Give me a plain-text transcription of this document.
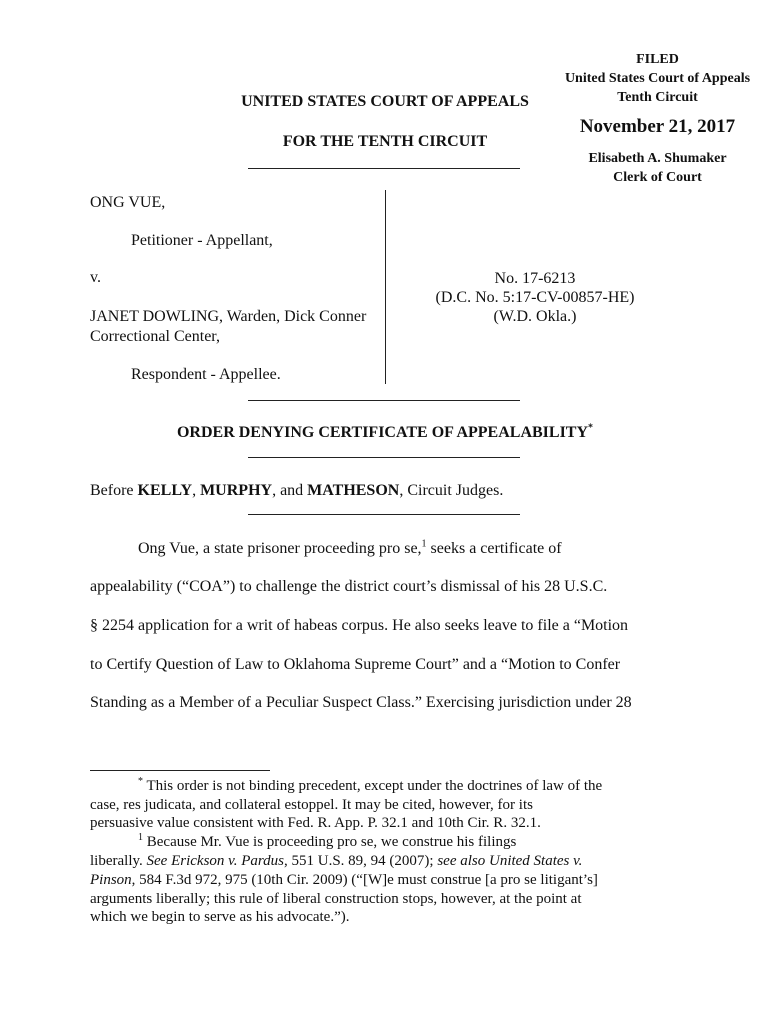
FILED
United States Court of Appeals
Tenth Circuit
November 21, 2017
Elisabeth A. Shumaker
Clerk of Court
UNITED STATES COURT OF APPEALS
FOR THE TENTH CIRCUIT
ONG VUE,
Petitioner - Appellant,
v.
JANET DOWLING, Warden, Dick Conner
Correctional Center,
Respondent - Appellee.
No. 17-6213
(D.C. No. 5:17-CV-00857-HE)
(W.D. Okla.)
ORDER DENYING CERTIFICATE OF APPEALABILITY*
Before KELLY, MURPHY, and MATHESON, Circuit Judges.
Ong Vue, a state prisoner proceeding pro se,$^1$ seeks a certificate of
appealability (“COA”) to challenge the district court’s dismissal of his 28 U.S.C.
§ 2254 application for a writ of habeas corpus. He also seeks leave to file a “Motion
to Certify Question of Law to Oklahoma Supreme Court” and a “Motion to Confer
Standing as a Member of a Peculiar Suspect Class.” Exercising jurisdiction under 28
* This order is not binding precedent, except under the doctrines of law of the
case, res judicata, and collateral estoppel. It may be cited, however, for its
persuasive value consistent with Fed. R. App. P. 32.1 and 10th Cir. R. 32.1.
$^1$ Because Mr. Vue is proceeding pro se, we construe his filings
liberally. See Erickson v. Pardus, 551 U.S. 89, 94 (2007); see also United States v.
Pinson, 584 F.3d 972, 975 (10th Cir. 2009) (“[W]e must construe [a pro se litigant’s]
arguments liberally; this rule of liberal construction stops, however, at the point at
which we begin to serve as his advocate.”).
